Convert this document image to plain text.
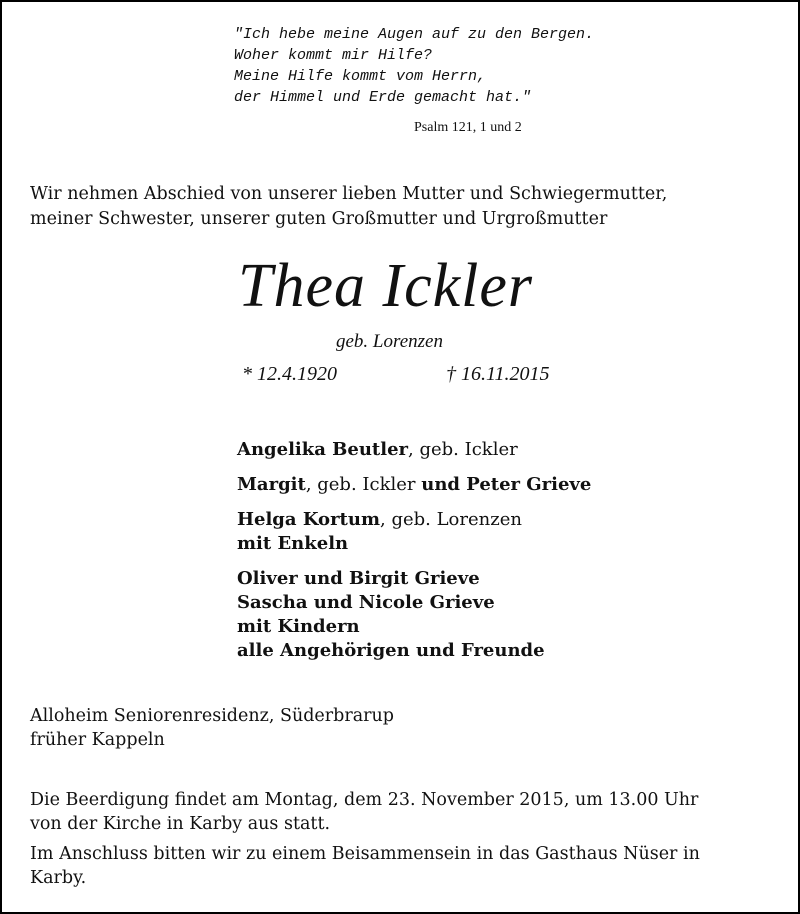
"Ich hebe meine Augen auf zu den Bergen.
Woher kommt mir Hilfe?
Meine Hilfe kommt vom Herrn,
der Himmel und Erde gemacht hat."
Psalm 121, 1 und 2
Wir nehmen Abschied von unserer lieben Mutter und Schwiegermutter,
meiner Schwester, unserer guten Großmutter und Urgroßmutter
Thea Ickler
geb. Lorenzen
* 12.4.1920	† 16.11.2015
Angelika Beutler, geb. Ickler
Margit, geb. Ickler und Peter Grieve
Helga Kortum, geb. Lorenzen
mit Enkeln
Oliver und Birgit Grieve
Sascha und Nicole Grieve
mit Kindern
alle Angehörigen und Freunde
Alloheim Seniorenresidenz, Süderbrarup
früher Kappeln
Die Beerdigung findet am Montag, dem 23. November 2015, um 13.00 Uhr
von der Kirche in Karby aus statt.
Im Anschluss bitten wir zu einem Beisammensein in das Gasthaus Nüser in
Karby.
